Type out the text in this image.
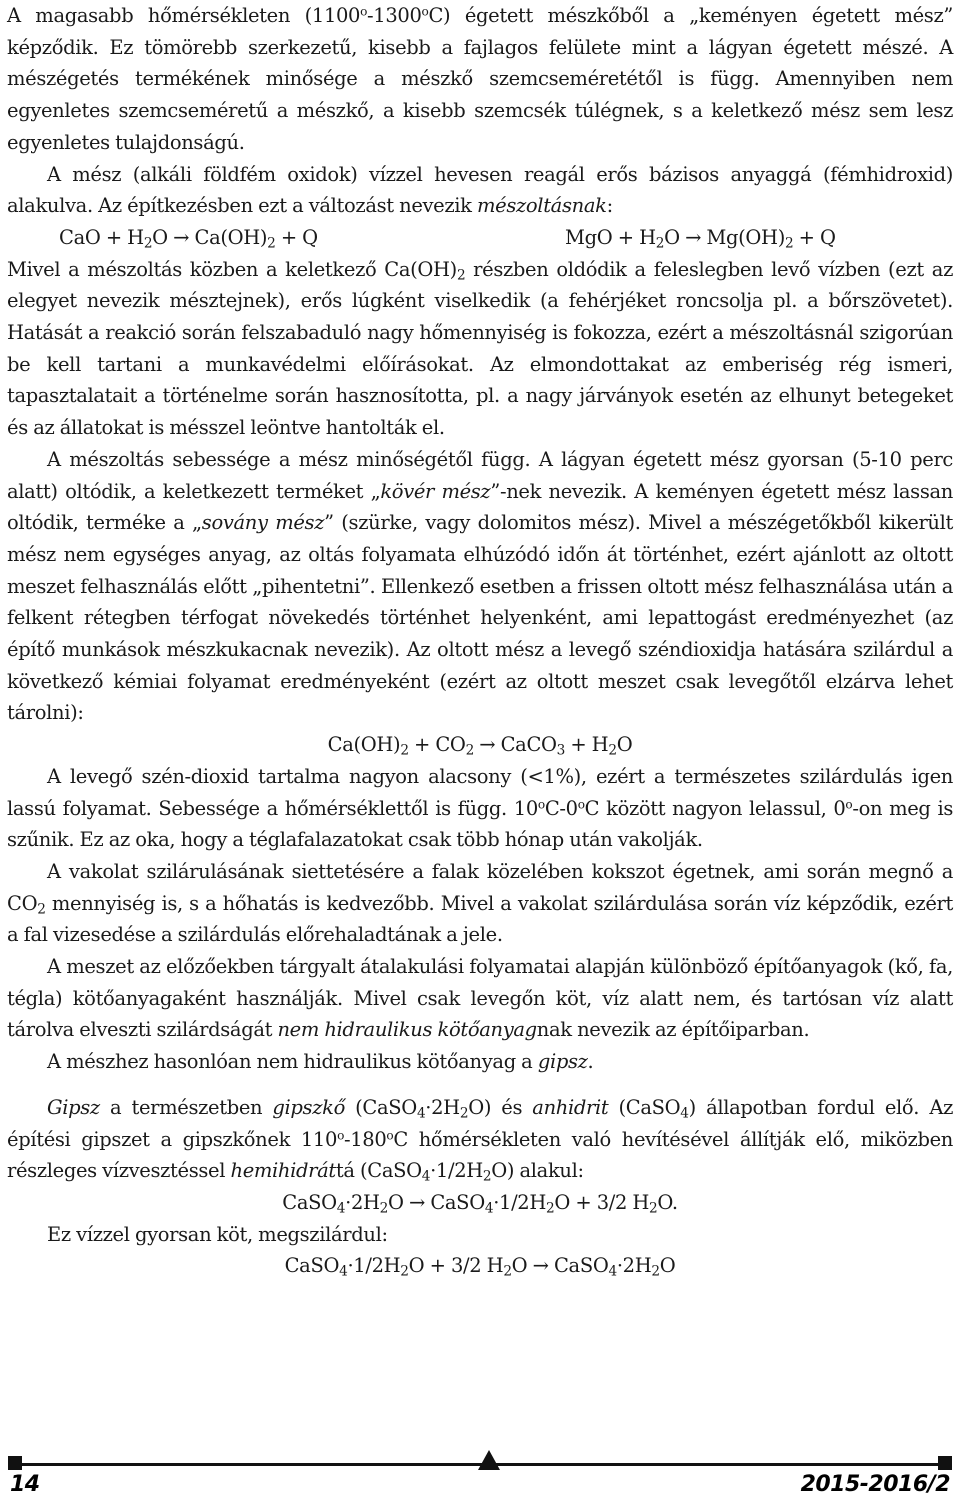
A magasabb hőmérsékleten (1100$^o$-1300$^o$C) égetett mészkőből a „keményen égetett mész” képződik. Ez tömörebb szerkezetű, kisebb a fajlagos felülete mint a lágyan égetett mészé. A mészégetés termékének minősége a mészkő szemcseméretétől is függ. Amennyiben nem egyenletes szemcseméretű a mészkő, a kisebb szemcsék túlégnek, s a keletkező mész sem lesz egyenletes tulajdonságú.

A mész (alkáli földfém oxidok) vízzel hevesen reagál erős bázisos anyaggá (fémhidroxid) alakulva. Az építkezésben ezt a változást nevezik mészoltásnak:

CaO + $H_2O \to Ca(OH)_2 + Q$	MgO + $H_2O \to Mg(OH)_2 + Q$

Mivel a mészoltás közben a keletkező $Ca(OH)_2$ részben oldódik a feleslegben levő vízben (ezt az elegyet nevezik mésztejnek), erős lúgként viselkedik (a fehérjéket roncsolja pl. a bőrszövetet). Hatását a reakció során felszabaduló nagy hőmennyiség is fokozza, ezért a mészoltásnál szigorúan be kell tartani a munkavédelmi előírásokat. Az elmondottakat az emberiség rég ismeri, tapasztalatait a történelme során hasznosította, pl. a nagy járványok esetén az elhunyt betegeket és az állatokat is mésszel leöntve hantolták el.

A mészoltás sebessége a mész minőségétől függ. A lágyan égetett mész gyorsan (5-10 perc alatt) oltódik, a keletkezett terméket „kövér mész”-nek nevezik. A keményen égetett mész lassan oltódik, terméke a „sovány mész” (szürke, vagy dolomitos mész). Mivel a mészégetőkből kikerült mész nem egységes anyag, az oltás folyamata elhúzódó időn át történhet, ezért ajánlott az oltott meszet felhasználás előtt „pihentetni”. Ellenkező esetben a frissen oltott mész felhasználása után a felkent rétegben térfogat növekedés történhet helyenként, ami lepattogást eredményezhet (az építő munkások mészkukacnak nevezik). Az oltott mész a levegő széndioxidja hatására szilárdul a következő kémiai folyamat eredményeként (ezért az oltott meszet csak levegőtől elzárva lehet tárolni):

$Ca(OH)_2 + CO_2$ → CaCO$_3$ + $H_2O$

A levegő szén-dioxid tartalma nagyon alacsony (<1%), ezért a természetes szilárdulás igen lassú folyamat. Sebessége a hőmérséklettől is függ. 10$^o$C-0$^o$C között nagyon lelassul, 0$^o$-on meg is szűnik. Ez az oka, hogy a téglafalazatokat csak több hónap után vakolják.

A vakolat szilárulásának siettetésére a falak közelében kokszot égetnek, ami során megnő a $CO_2$ mennyiség is, s a hőhatás is kedvezőbb. Mivel a vakolat szilárdulása során víz képződik, ezért a fal vizesedése a szilárdulás előrehaladtának a jele.

A meszet az előzőekben tárgyalt átalakulási folyamatai alapján különböző építőanyagok (kő, fa, tégla) kötőanyagaként használják. Mivel csak levegőn köt, víz alatt nem, és tartósan víz alatt tárolva elveszti szilárdságát nem hidraulikus kötőanyagnak nevezik az építőiparban.

A mészhez hasonlóan nem hidraulikus kötőanyag a gipsz.

Gipsz a természetben gipszkő $(CaSO_4\cdot 2H_2O)$ és anhidrit (CaSO$_4$) állapotban fordul elő. Az építési gipszet a gipszkőnek 110$^o$-180$^o$C hőmérsékleten való hevítésével állítják elő, miközben részleges vízvesztéssel hemihidráttá $(CaSO_4\cdot 1/2H_2O)$ alakul:

$CaSO_4\cdot 2H_2O$ → $CaSO_4\cdot 1/2H_2O + 3/2$ $H_2O$.

Ez vízzel gyorsan köt, megszilárdul:

$CaSO_4\cdot 1/2H_2O + 3/2$ $H_2O$ → $CaSO_4\cdot 2H_2O$
14	2015-2016/2
